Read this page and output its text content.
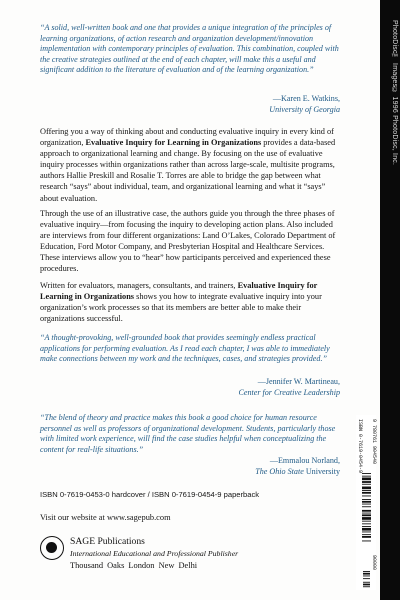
“A solid, well-written book and one that provides a unique integration of the principles of learning organizations, of action research and organization development/innovation implementation with contemporary principles of evaluation. This combination, coupled with the creative strategies outlined at the end of each chapter, will make this a useful and significant addition to the literature of evaluation and of the learning organization.”
—Karen E. Watkins,
University of Georgia
Offering you a way of thinking about and conducting evaluative inquiry in every kind of organization, Evaluative Inquiry for Learning in Organizations provides a data-based approach to organizational learning and change. By focusing on the use of evaluative inquiry processes within organizations rather than across large-scale, multisite programs, authors Hallie Preskill and Rosalie T. Torres are able to bridge the gap between what research “says” about individual, team, and organizational learning and what it “says” about evaluation.
Through the use of an illustrative case, the authors guide you through the three phases of evaluative inquiry—from focusing the inquiry to developing action plans. Also included are interviews from four different organizations: Land O’Lakes, Colorado Department of Education, Ford Motor Company, and Presbyterian Hospital and Healthcare Services. These interviews allow you to “hear” how participants perceived and experienced these procedures.
Written for evaluators, managers, consultants, and trainers, Evaluative Inquiry for Learning in Organizations shows you how to integrate evaluative inquiry into your organization’s work processes so that its members are better able to make their organizations successful.
“A thought-provoking, well-grounded book that provides seemingly endless practical applications for performing evaluation. As I read each chapter, I was able to immediately make connections between my work and the techniques, cases, and strategies provided.”
—Jennifer W. Martineau,
Center for Creative Leadership
“The blend of theory and practice makes this book a good choice for human resource personnel as well as professors of organizational development. Students, particularly those with limited work experience, will find the case studies helpful when conceptualizing the content for real-life situations.”
—Emmalou Norland,
The Ohio State University
ISBN 0-7619-0453-0 hardcover / ISBN 0-7619-0454-9 paperback
Visit our website at www.sagepub.com
SAGE Publications
International Educational and Professional Publisher
Thousand Oaks London New Delhi
ISBN 0-7619-0454-9 9 780761 904540
90000
PhotoDisc™ Images© 1996 PhotoDisc, Inc.
